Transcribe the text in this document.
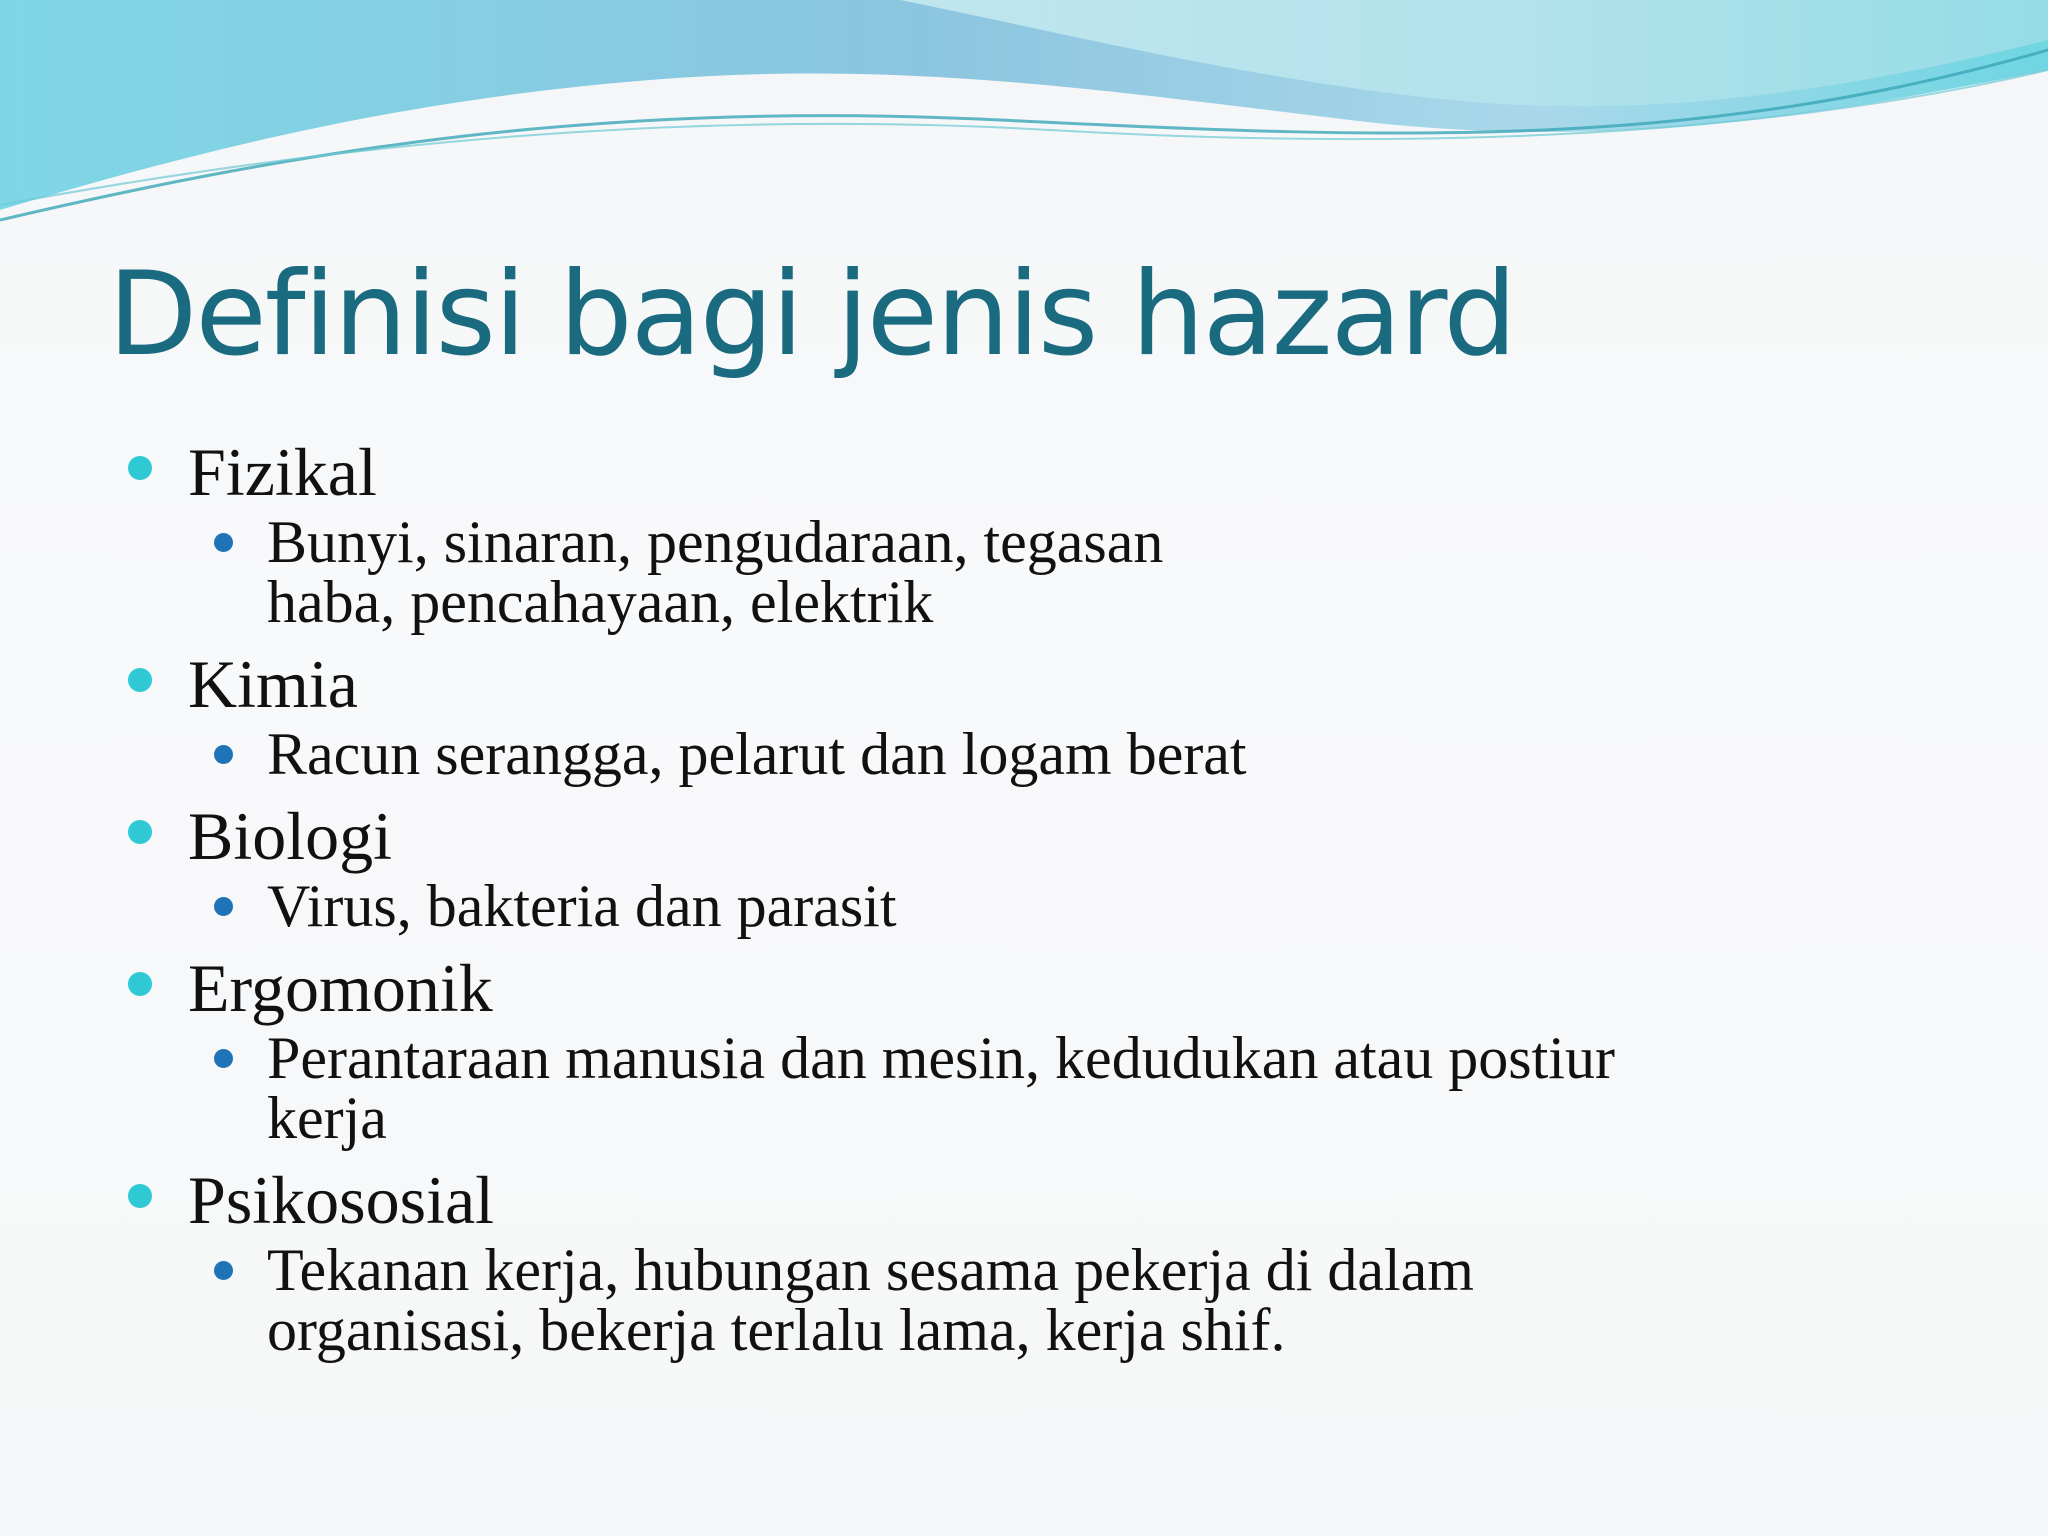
Definisi bagi jenis hazard
Fizikal
Bunyi, sinaran, pengudaraan, tegasan
haba, pencahayaan, elektrik
Kimia
Racun serangga, pelarut dan logam berat
Biologi
Virus, bakteria dan parasit
Ergomonik
Perantaraan manusia dan mesin, kedudukan atau postiur
kerja
Psikososial
Tekanan kerja, hubungan sesama pekerja di dalam
organisasi, bekerja terlalu lama, kerja shif.
